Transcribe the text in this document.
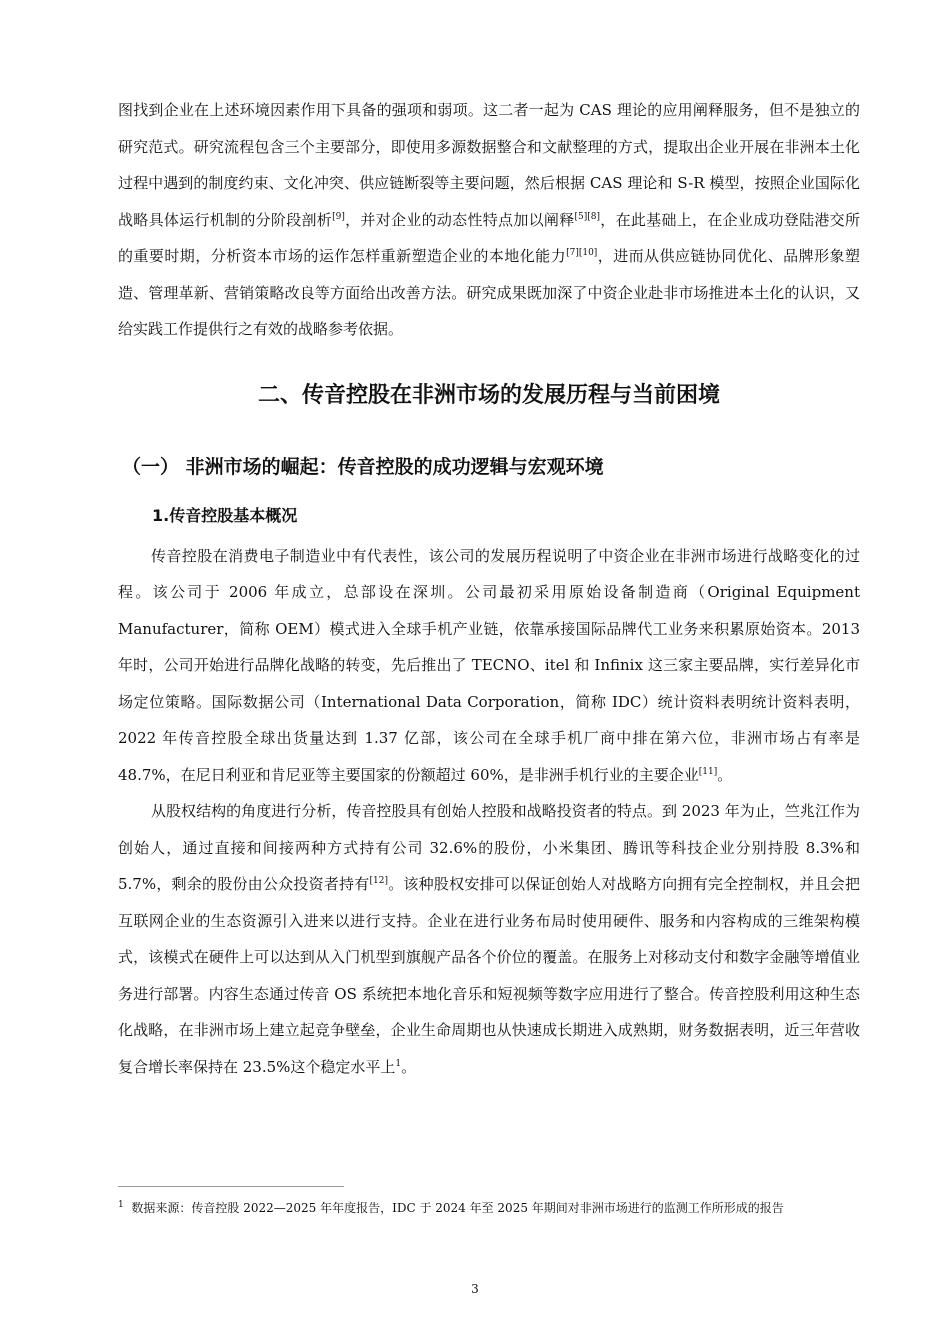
图找到企业在上述环境因素作用下具备的强项和弱项。这二者一起为 CAS 理论的应用阐释服务，但不是独立的研究范式。研究流程包含三个主要部分，即使用多源数据整合和文献整理的方式，提取出企业开展在非洲本土化过程中遇到的制度约束、文化冲突、供应链断裂等主要问题，然后根据 CAS 理论和 S-R 模型，按照企业国际化战略具体运行机制的分阶段剖析[9]，并对企业的动态性特点加以阐释[5][8]，在此基础上，在企业成功登陆港交所的重要时期，分析资本市场的运作怎样重新塑造企业的本地化能力[7][10]，进而从供应链协同优化、品牌形象塑造、管理革新、营销策略改良等方面给出改善方法。研究成果既加深了中资企业赴非市场推进本土化的认识，又给实践工作提供行之有效的战略参考依据。

二、传音控股在非洲市场的发展历程与当前困境
（一） 非洲市场的崛起：传音控股的成功逻辑与宏观环境
1.传音控股基本概况

传音控股在消费电子制造业中有代表性，该公司的发展历程说明了中资企业在非洲市场进行战略变化的过程。该公司于 2006 年成立，总部设在深圳。公司最初采用原始设备制造商（Original Equipment Manufacturer，简称 OEM）模式进入全球手机产业链，依靠承接国际品牌代工业务来积累原始资本。2013 年时，公司开始进行品牌化战略的转变，先后推出了 TECNO、itel 和 Infinix 这三家主要品牌，实行差异化市场定位策略。国际数据公司（International Data Corporation，简称 IDC）统计资料表明统计资料表明，2022 年传音控股全球出货量达到 1.37 亿部，该公司在全球手机厂商中排在第六位，非洲市场占有率是 48.7%，在尼日利亚和肯尼亚等主要国家的份额超过 60%，是非洲手机行业的主要企业[11]。

从股权结构的角度进行分析，传音控股具有创始人控股和战略投资者的特点。到 2023 年为止，竺兆江作为创始人，通过直接和间接两种方式持有公司 32.6%的股份，小米集团、腾讯等科技企业分别持股 8.3%和 5.7%，剩余的股份由公众投资者持有[12]。该种股权安排可以保证创始人对战略方向拥有完全控制权，并且会把互联网企业的生态资源引入进来以进行支持。企业在进行业务布局时使用硬件、服务和内容构成的三维架构模式，该模式在硬件上可以达到从入门机型到旗舰产品各个价位的覆盖。在服务上对移动支付和数字金融等增值业务进行部署。内容生态通过传音 OS 系统把本地化音乐和短视频等数字应用进行了整合。传音控股利用这种生态化战略，在非洲市场上建立起竞争壁垒，企业生命周期也从快速成长期进入成熟期，财务数据表明，近三年营收复合增长率保持在 23.5%这个稳定水平上$^1$。

$^1$ 数据来源：传音控股 2022—2025 年年度报告，IDC 于 2024 年至 2025 年期间对非洲市场进行的监测工作所形成的报告
3
